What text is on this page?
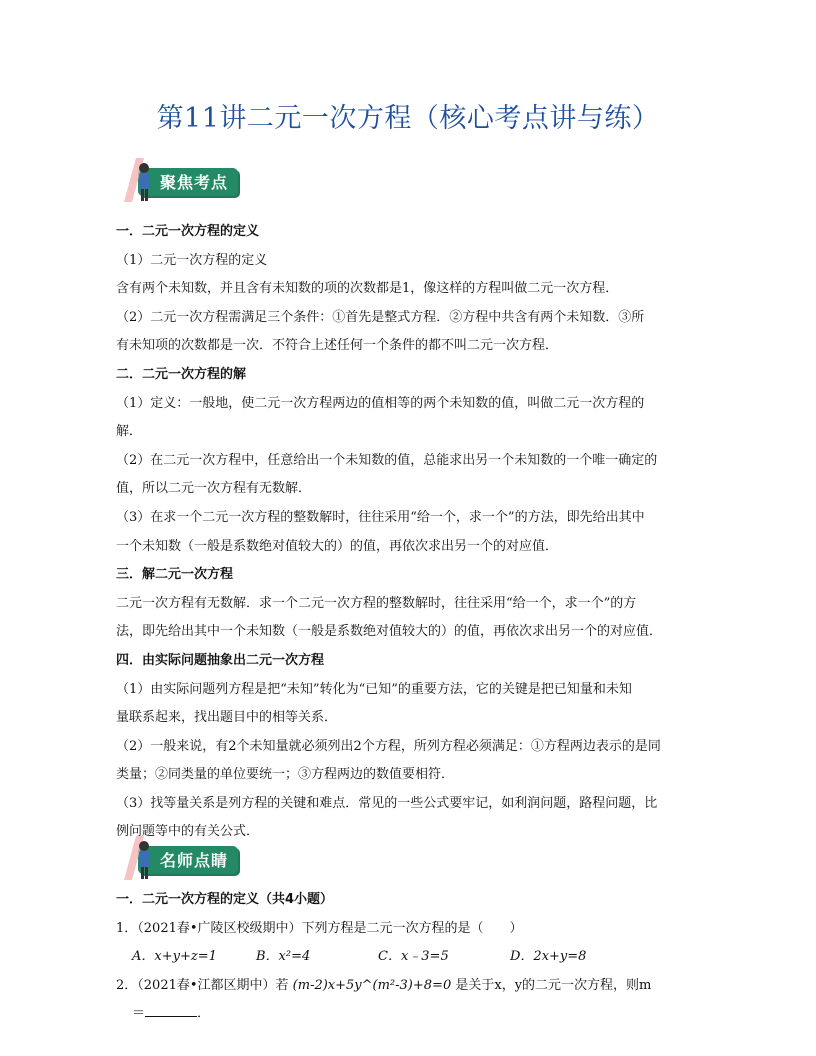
第11讲二元一次方程（核心考点讲与练）
聚焦考点

一．二元一次方程的定义

（1）二元一次方程的定义

含有两个未知数，并且含有未知数的项的次数都是1，像这样的方程叫做二元一次方程．

（2）二元一次方程需满足三个条件：①首先是整式方程．②方程中共含有两个未知数．③所

有未知项的次数都是一次．不符合上述任何一个条件的都不叫二元一次方程．

二．二元一次方程的解

（1）定义：一般地，使二元一次方程两边的值相等的两个未知数的值，叫做二元一次方程的

解．

（2）在二元一次方程中，任意给出一个未知数的值，总能求出另一个未知数的一个唯一确定的

值，所以二元一次方程有无数解．

（3）在求一个二元一次方程的整数解时，往往采用“给一个，求一个”的方法，即先给出其中

一个未知数（一般是系数绝对值较大的）的值，再依次求出另一个的对应值．

三．解二元一次方程

二元一次方程有无数解．求一个二元一次方程的整数解时，往往采用“给一个，求一个”的方

法，即先给出其中一个未知数（一般是系数绝对值较大的）的值，再依次求出另一个的对应值．

四．由实际问题抽象出二元一次方程

（1）由实际问题列方程是把“未知”转化为“已知”的重要方法，它的关键是把已知量和未知

量联系起来，找出题目中的相等关系．

（2）一般来说，有2个未知量就必须列出2个方程，所列方程必须满足：①方程两边表示的是同

类量；②同类量的单位要统一；③方程两边的数值要相符．

（3）找等量关系是列方程的关键和难点．常见的一些公式要牢记，如利润问题，路程问题，比

例问题等中的有关公式．

名师点睛

一．二元一次方程的定义（共4小题）

1．（2021春•广陵区校级期中）下列方程是二元一次方程的是（　　）

A．x+y+z=1	B．x²=4	C．x﹣3=5	D．2x+y=8

2．（2021春•江都区期中）若 (m-2)x+5y^(m²-3)+8=0 是关于x，y的二元一次方程，则m

＝	．
